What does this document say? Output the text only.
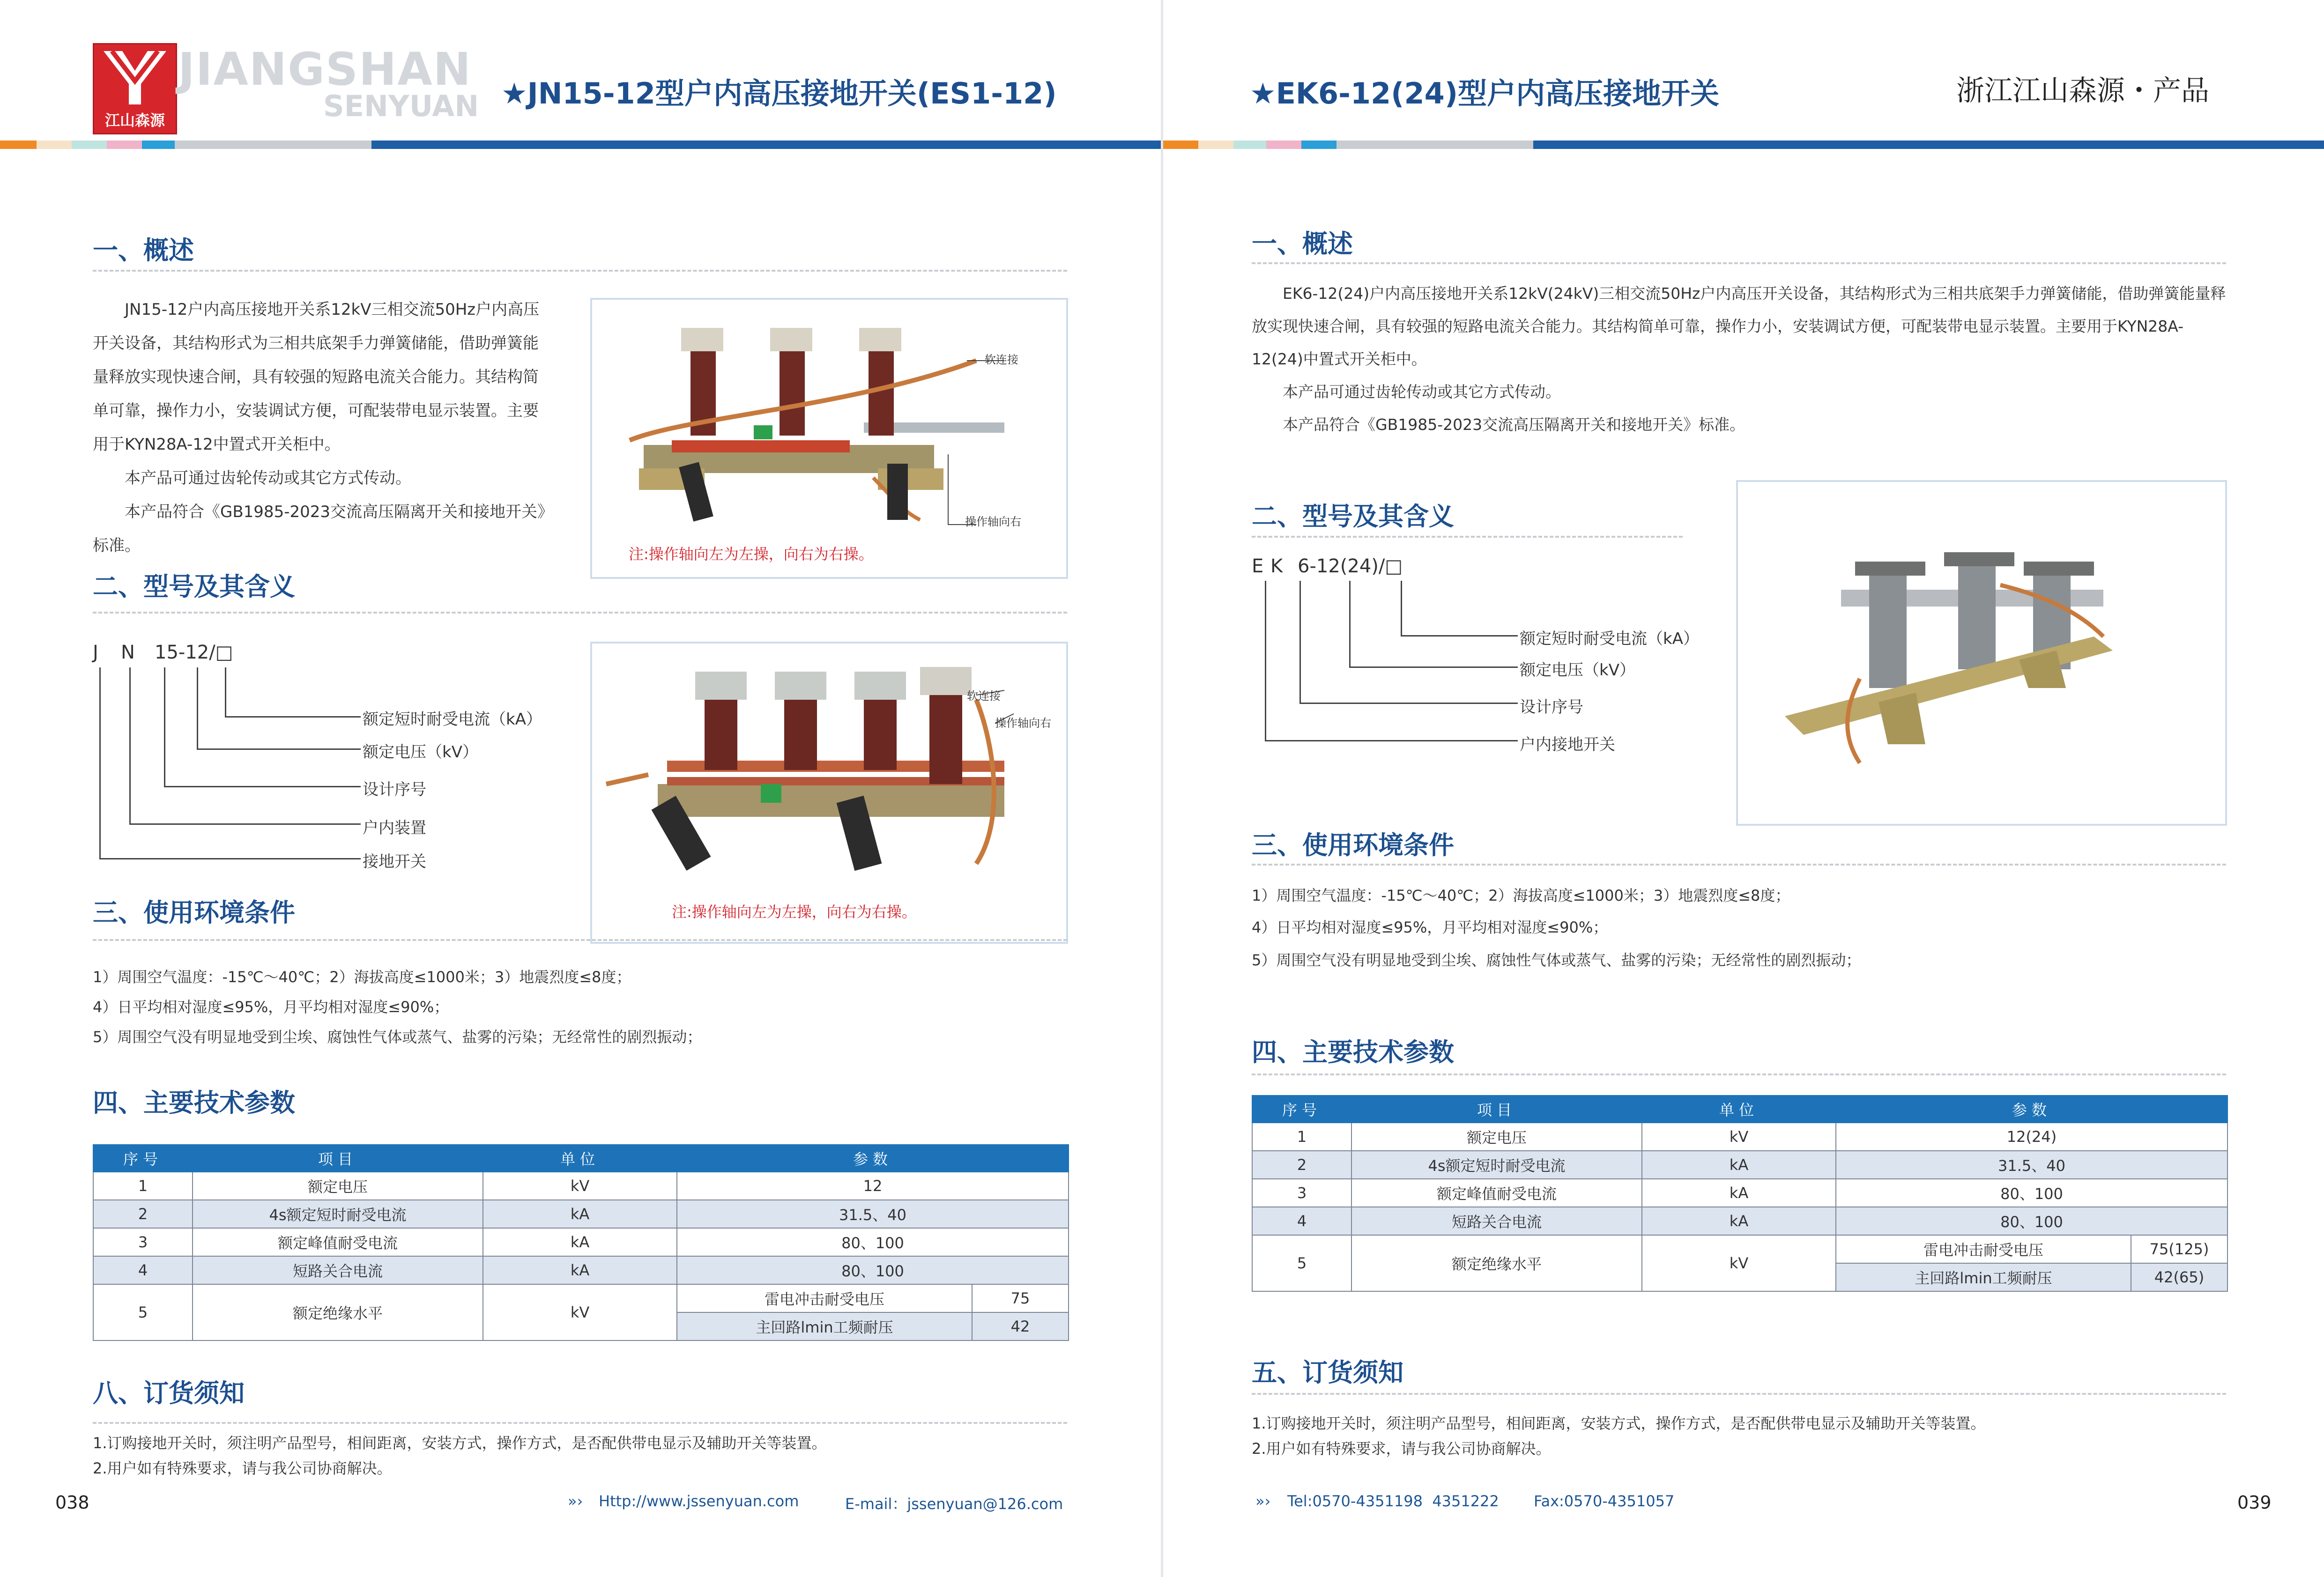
江山森源
JIANGSHAN
SENYUAN ★JN15-12型户内高压接地开关(ES1-12)
一、概述

JN15-12户内高压接地开关系12kV三相交流50Hz户内高压开关设备，其结构形式为三相共底架手力弹簧储能，借助弹簧能量释放实现快速合闸，具有较强的短路电流关合能力。其结构简单可靠，操作力小，安装调试方便，可配装带电显示装置。主要用于KYN28A-12中置式开关柜中。

本产品可通过齿轮传动或其它方式传动。

本产品符合《GB1985-2023交流高压隔离开关和接地开关》标准。

软连接
操作轴向右
注:操作轴向左为左操，向右为右操。
二、型号及其含义
J N 15-12/□
额定短时耐受电流（kA）
额定电压（kV）
设计序号
户内装置
接地开关
软连接
操作轴向右
注:操作轴向左为左操，向右为右操。
三、使用环境条件
1）周围空气温度：-15℃～40℃；2）海拔高度≤1000米；3）地震烈度≤8度；
4）日平均相对湿度≤95%，月平均相对湿度≤90%；
5）周围空气没有明显地受到尘埃、腐蚀性气体或蒸气、盐雾的污染；无经常性的剧烈振动；
四、主要技术参数
序号	项目	单位	参数	
1	额定电压	kV	12	
2	4s额定短时耐受电流	kA	31.5、40	
3	额定峰值耐受电流	kA	80、100	
4	短路关合电流	kA	80、100	
5	额定绝缘水平	kV	雷电冲击耐受电压	75
			主回路lmin工频耐压	42
八、订货须知
1.订购接地开关时，须注明产品型号，相间距离，安装方式，操作方式，是否配供带电显示及辅助开关等装置。
2.用户如有特殊要求，请与我公司协商解决。
038	»› Http://www.jssenyuan.com	E-mail：jssenyuan@126.com
★EK6-12(24)型户内高压接地开关	浙江江山森源・产品
一、概述

EK6-12(24)户内高压接地开关系12kV(24kV)三相交流50Hz户内高压开关设备，其结构形式为三相共底架手力弹簧储能，借助弹簧能量释放实现快速合闸，具有较强的短路电流关合能力。其结构简单可靠，操作力小，安装调试方便，可配装带电显示装置。主要用于KYN28A-12(24)中置式开关柜中。

本产品可通过齿轮传动或其它方式传动。

本产品符合《GB1985-2023交流高压隔离开关和接地开关》标准。

二、型号及其含义
E K 6-12(24)/□
额定短时耐受电流（kA）
额定电压（kV）
设计序号
户内接地开关
三、使用环境条件
1）周围空气温度：-15℃～40℃；2）海拔高度≤1000米；3）地震烈度≤8度；
4）日平均相对湿度≤95%，月平均相对湿度≤90%；
5）周围空气没有明显地受到尘埃、腐蚀性气体或蒸气、盐雾的污染；无经常性的剧烈振动；
四、主要技术参数
序号	项目	单位	参数	
1	额定电压	kV	12(24)	
2	4s额定短时耐受电流	kA	31.5、40	
3	额定峰值耐受电流	kA	80、100	
4	短路关合电流	kA	80、100	
5	额定绝缘水平	kV	雷电冲击耐受电压	75(125)
			主回路lmin工频耐压	42(65)
五、订货须知
1.订购接地开关时，须注明产品型号，相间距离，安装方式，操作方式，是否配供带电显示及辅助开关等装置。
2.用户如有特殊要求，请与我公司协商解决。
»› Tel:0570-4351198  4351222 Fax:0570-4351057	039
